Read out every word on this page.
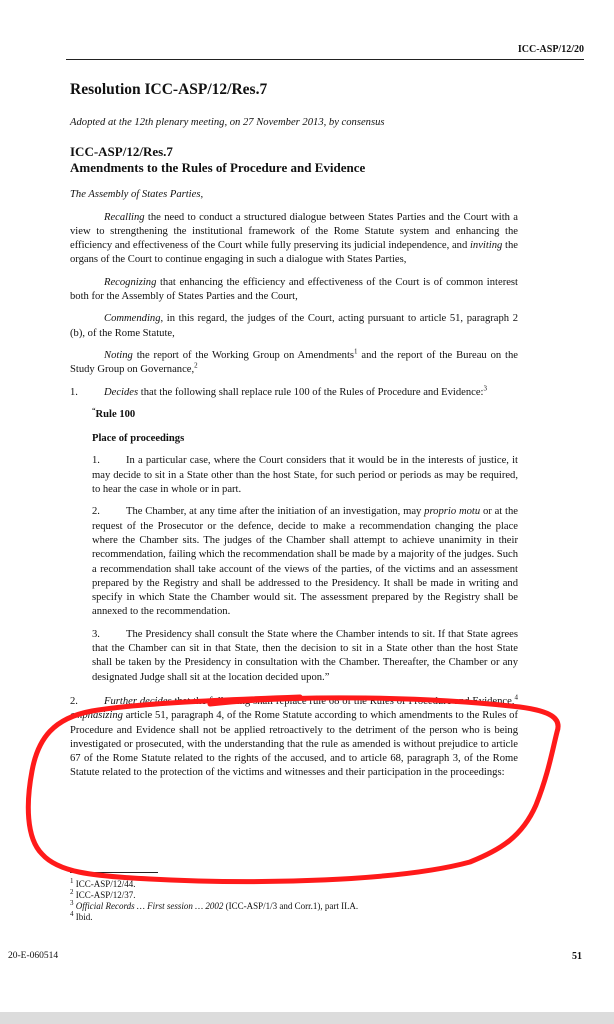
ICC-ASP/12/20
Resolution ICC-ASP/12/Res.7
Adopted at the 12th plenary meeting, on 27 November 2013, by consensus
ICC-ASP/12/Res.7
Amendments to the Rules of Procedure and Evidence
The Assembly of States Parties,

Recalling the need to conduct a structured dialogue between States Parties and the Court with a view to strengthening the institutional framework of the Rome Statute system and enhancing the efficiency and effectiveness of the Court while fully preserving its judicial independence, and inviting the organs of the Court to continue engaging in such a dialogue with States Parties,

Recognizing that enhancing the efficiency and effectiveness of the Court is of common interest both for the Assembly of States Parties and the Court,

Commending, in this regard, the judges of the Court, acting pursuant to article 51, paragraph 2 (b), of the Rome Statute,

Noting the report of the Working Group on Amendments$^1$ and the report of the Bureau on the Study Group on Governance,$^2$

1. Decides that the following shall replace rule 100 of the Rules of Procedure and Evidence:$^3$

“Rule 100
Place of proceedings

1. In a particular case, where the Court considers that it would be in the interests of justice, it may decide to sit in a State other than the host State, for such period or periods as may be required, to hear the case in whole or in part.

2. The Chamber, at any time after the initiation of an investigation, may proprio motu or at the request of the Prosecutor or the defence, decide to make a recommendation changing the place where the Chamber sits. The judges of the Chamber shall attempt to achieve unanimity in their recommendation, failing which the recommendation shall be made by a majority of the judges. Such a recommendation shall take account of the views of the parties, of the victims and an assessment prepared by the Registry and shall be addressed to the Presidency. It shall be made in writing and specify in which State the Chamber would sit. The assessment prepared by the Registry shall be annexed to the recommendation.

3. The Presidency shall consult the State where the Chamber intends to sit. If that State agrees that the Chamber can sit in that State, then the decision to sit in a State other than the host State shall be taken by the Presidency in consultation with the Chamber. Thereafter, the Chamber or any designated Judge shall sit at the location decided upon.”

2. Further decides that the following shall replace rule 68 of the Rules of Procedure and Evidence,$^4$ emphasizing article 51, paragraph 4, of the Rome Statute according to which amendments to the Rules of Procedure and Evidence shall not be applied retroactively to the detriment of the person who is being investigated or prosecuted, with the understanding that the rule as amended is without prejudice to article 67 of the Rome Statute related to the rights of the accused, and to article 68, paragraph 3, of the Rome Statute related to the protection of the victims and witnesses and their participation in the proceedings:

$^1$ ICC-ASP/12/44.
$^2$ ICC-ASP/12/37.
$^3$ Official Records … First session … 2002 (ICC-ASP/1/3 and Corr.1), part II.A.
$^4$ Ibid.
20-E-060514	51
